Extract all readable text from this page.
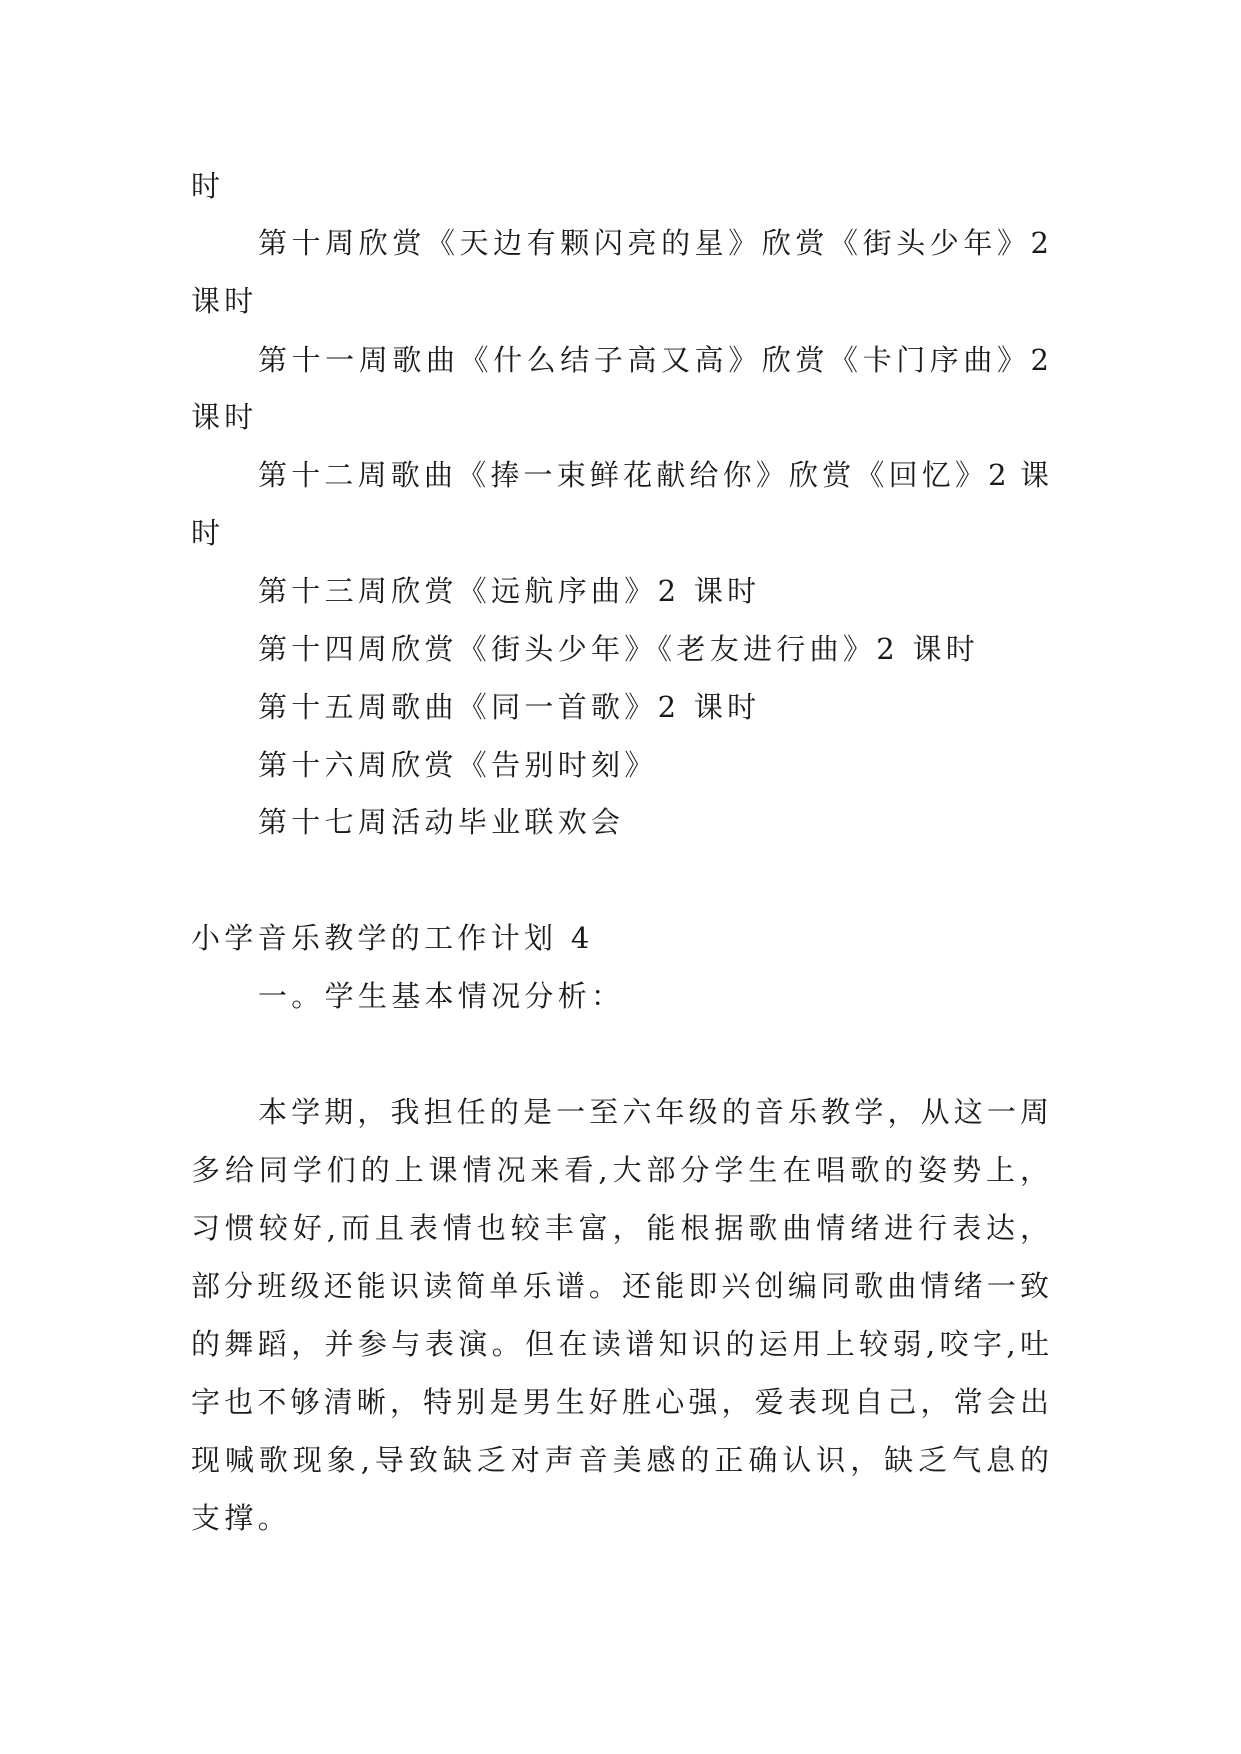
时
第十周欣赏《天边有颗闪亮的星》欣赏《街头少年》2
课时
第十一周歌曲《什么结子高又高》欣赏《卡门序曲》2
课时
第十二周歌曲《捧一束鲜花献给你》欣赏《回忆》2 课
时
第十三周欣赏《远航序曲》2 课时
第十四周欣赏《街头少年》《老友进行曲》2 课时
第十五周歌曲《同一首歌》2 课时
第十六周欣赏《告别时刻》
第十七周活动毕业联欢会
小学音乐教学的工作计划 4
一。学生基本情况分析：
本学期，我担任的是一至六年级的音乐教学，从这一周
多给同学们的上课情况来看,大部分学生在唱歌的姿势上，
习惯较好,而且表情也较丰富，能根据歌曲情绪进行表达，
部分班级还能识读简单乐谱。还能即兴创编同歌曲情绪一致
的舞蹈，并参与表演。但在读谱知识的运用上较弱,咬字,吐
字也不够清晰，特别是男生好胜心强，爱表现自己，常会出
现喊歌现象,导致缺乏对声音美感的正确认识，缺乏气息的
支撑。
